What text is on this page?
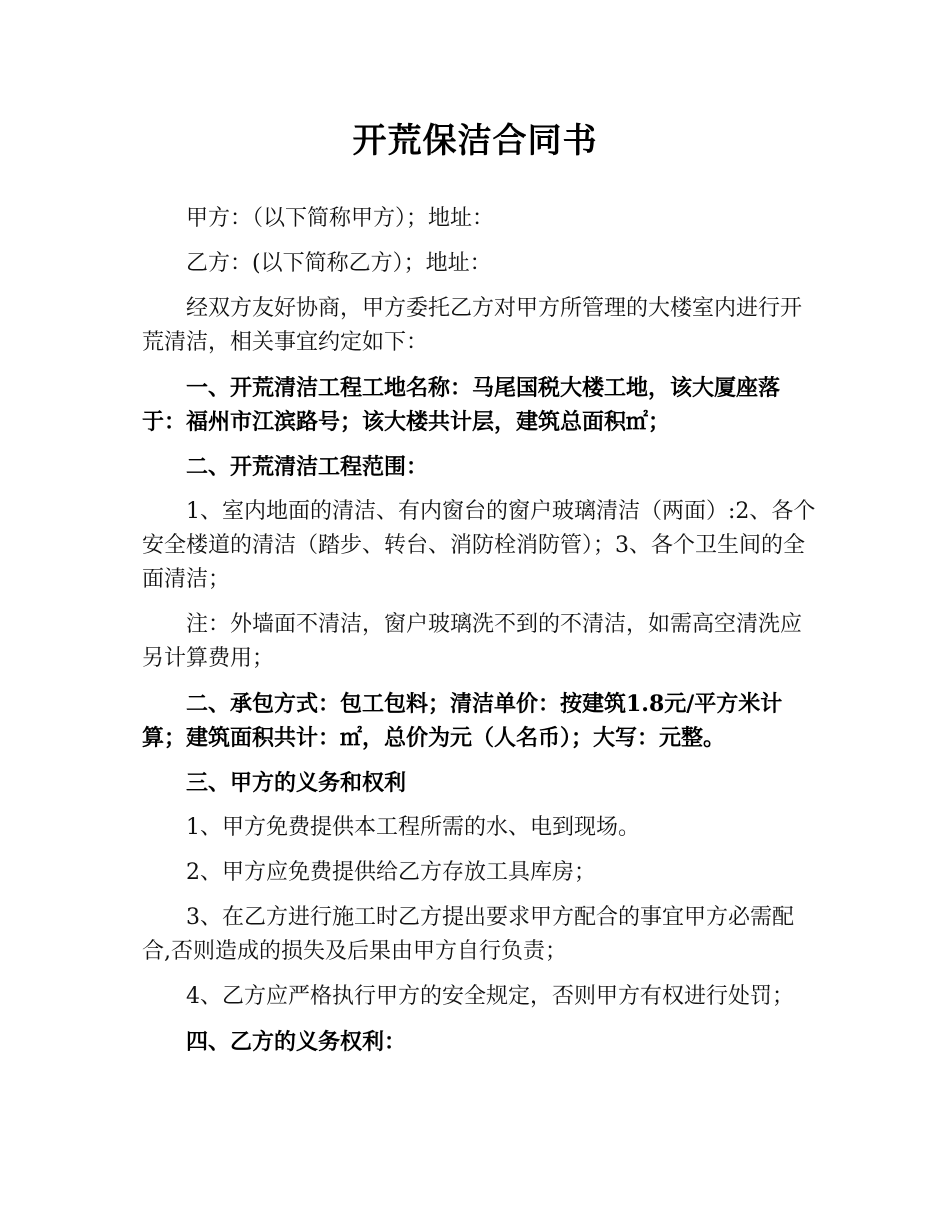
开荒保洁合同书

甲方：（以下简称甲方）；地址：

乙方：(以下简称乙方）；地址：

经双方友好协商，甲方委托乙方对甲方所管理的大楼室内进行开荒清洁，相关事宜约定如下：

一、开荒清洁工程工地名称：马尾国税大楼工地，该大厦座落于：福州市江滨路号；该大楼共计层，建筑总面积㎡；

二、开荒清洁工程范围：

1、室内地面的清洁、有内窗台的窗户玻璃清洁（两面）:2、各个安全楼道的清洁（踏步、转台、消防栓消防管）；3、各个卫生间的全面清洁；

注：外墙面不清洁，窗户玻璃洗不到的不清洁，如需高空清洗应另计算费用；

二、承包方式：包工包料；清洁单价：按建筑1.8元/平方米计算；建筑面积共计：㎡，总价为元（人名币）；大写：元整。

三、甲方的义务和权利

1、甲方免费提供本工程所需的水、电到现场。

2、甲方应免费提供给乙方存放工具库房；

3、在乙方进行施工时乙方提出要求甲方配合的事宜甲方必需配合,否则造成的损失及后果由甲方自行负责；

4、乙方应严格执行甲方的安全规定，否则甲方有权进行处罚；

四、乙方的义务权利：
